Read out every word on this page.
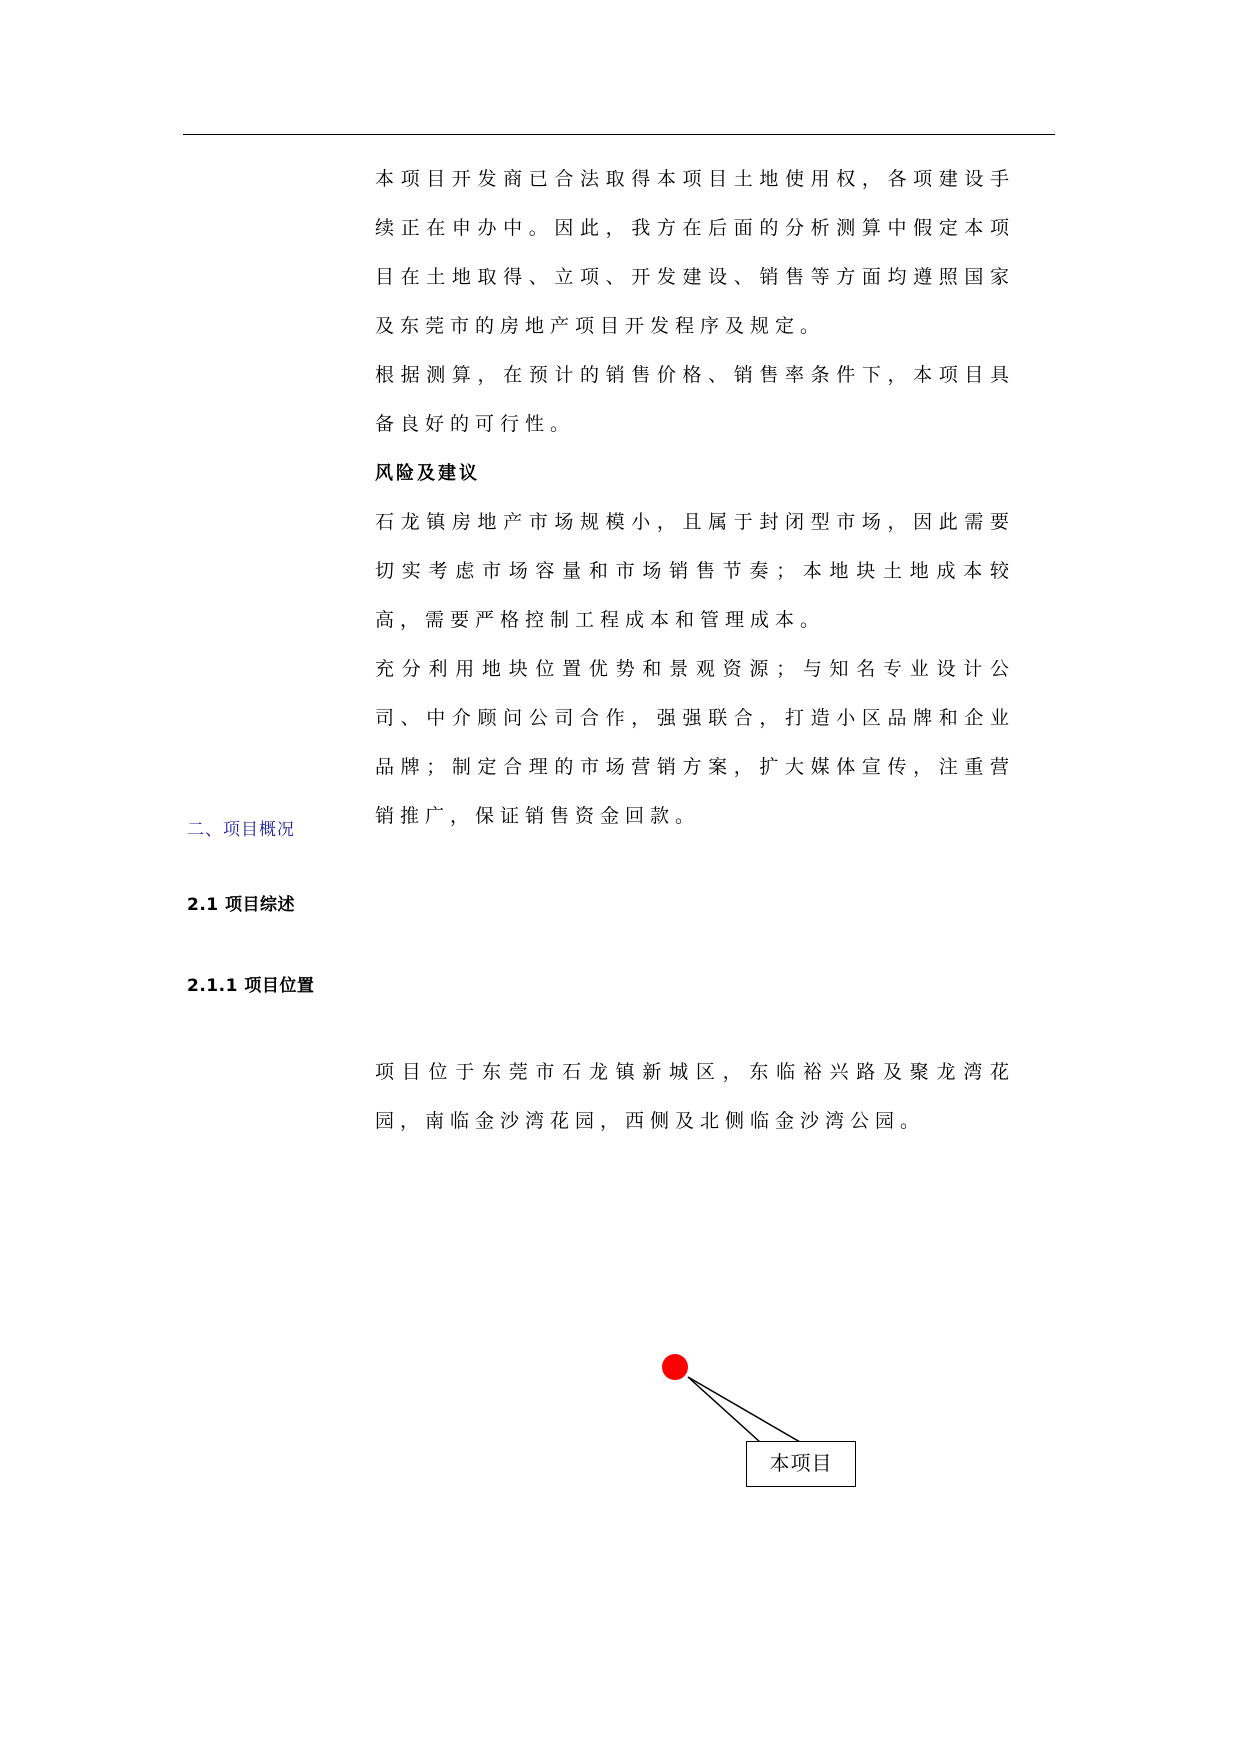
本项目开发商已合法取得本项目土地使用权，各项建设手续正在申办中。因此，我方在后面的分析测算中假定本项目在土地取得、立项、开发建设、销售等方面均遵照国家及东莞市的房地产项目开发程序及规定。

根据测算，在预计的销售价格、销售率条件下，本项目具备良好的可行性。

风险及建议

石龙镇房地产市场规模小，且属于封闭型市场，因此需要切实考虑市场容量和市场销售节奏；本地块土地成本较高，需要严格控制工程成本和管理成本。

充分利用地块位置优势和景观资源；与知名专业设计公司、中介顾问公司合作，强强联合，打造小区品牌和企业品牌；制定合理的市场营销方案，扩大媒体宣传，注重营销推广，保证销售资金回款。

二、项目概况

2.1 项目综述

2.1.1 项目位置

项目位于东莞市石龙镇新城区，东临裕兴路及聚龙湾花园，南临金沙湾花园，西侧及北侧临金沙湾公园。

本项目
